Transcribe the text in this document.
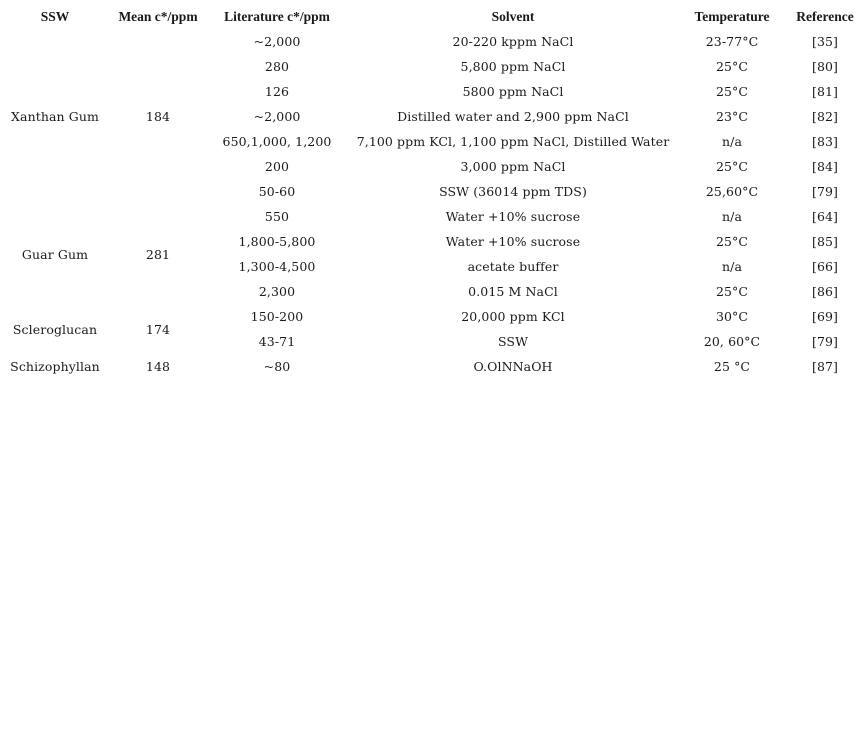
SSW	Mean c*/ppm	Literature c*/ppm	Solvent	Temperature	Reference
Xanthan Gum	184	~2,000	20-220 kppm NaCl	23-77°C	[35]
		280	5,800 ppm NaCl	25°C	[80]
		126	5800 ppm NaCl	25°C	[81]
		~2,000	Distilled water and 2,900 ppm NaCl	23°C	[82]
		650,1,000, 1,200	7,100 ppm KCl, 1,100 ppm NaCl, Distilled Water	n/a	[83]
		200	3,000 ppm NaCl	25°C	[84]
		50-60	SSW (36014 ppm TDS)	25,60°C	[79]
Guar Gum	281	550	Water +10% sucrose	n/a	[64]
		1,800-5,800	Water +10% sucrose	25°C	[85]
		1,300-4,500	acetate buffer	n/a	[66]
		2,300	0.015 M NaCl	25°C	[86]
Scleroglucan	174	150-200	20,000 ppm KCl	30°C	[69]
		43-71	SSW	20, 60°C	[79]
Schizophyllan	148	~80	O.OlNNaOH	25 °C	[87]
